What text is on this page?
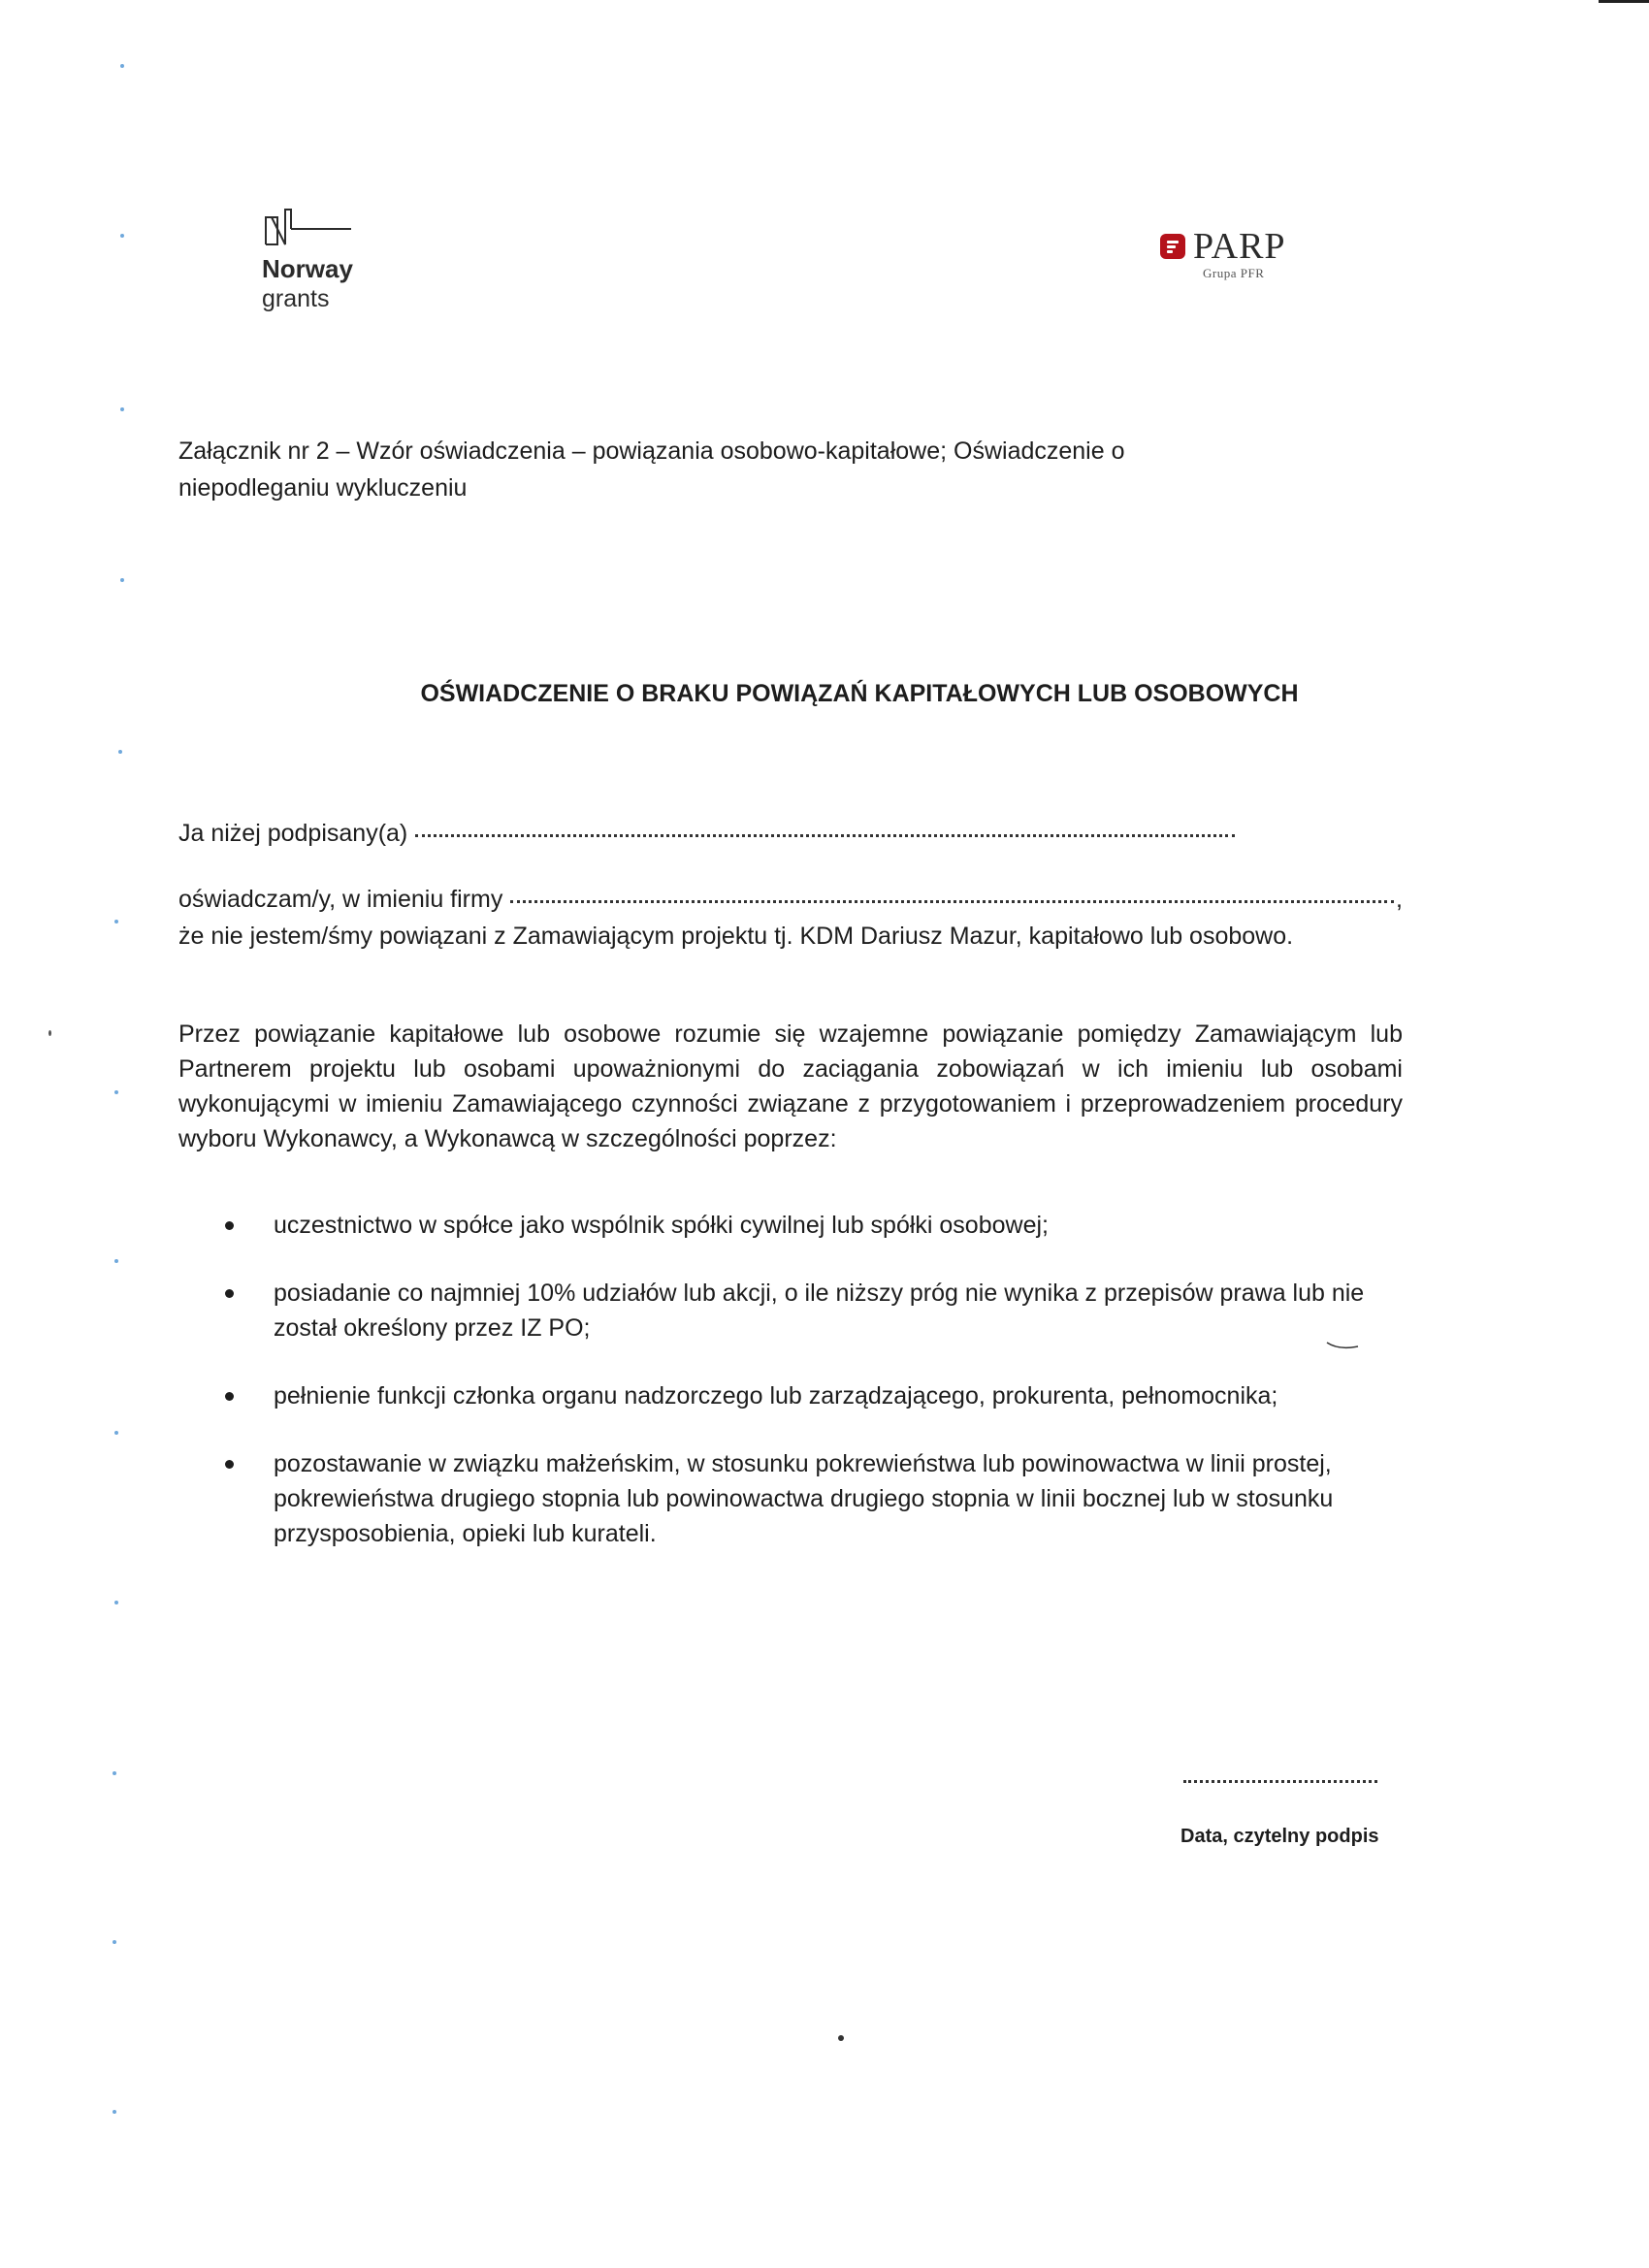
Norway
grants
PARP
Grupa PFR
Załącznik nr 2 – Wzór oświadczenia – powiązania osobowo-kapitałowe; Oświadczenie o niepodleganiu wykluczeniu
OŚWIADCZENIE O BRAKU POWIĄZAŃ KAPITAŁOWYCH LUB OSOBOWYCH
Ja niżej podpisany(a)
oświadczam/y, w imieniu firmy	,
że nie jestem/śmy powiązani z Zamawiającym projektu tj. KDM Dariusz Mazur, kapitałowo lub osobowo.
Przez powiązanie kapitałowe lub osobowe rozumie się wzajemne powiązanie pomiędzy Zamawiającym lub Partnerem projektu lub osobami upoważnionymi do zaciągania zobowiązań w ich imieniu lub osobami wykonującymi w imieniu Zamawiającego czynności związane z przygotowaniem i przeprowadzeniem procedury wyboru Wykonawcy, a Wykonawcą w szczególności poprzez:
uczestnictwo w spółce jako wspólnik spółki cywilnej lub spółki osobowej;
posiadanie co najmniej 10% udziałów lub akcji, o ile niższy próg nie wynika z przepisów prawa lub nie został określony przez IZ PO;
pełnienie funkcji członka organu nadzorczego lub zarządzającego, prokurenta, pełnomocnika;
pozostawanie w związku małżeńskim, w stosunku pokrewieństwa lub powinowactwa w linii prostej, pokrewieństwa drugiego stopnia lub powinowactwa drugiego stopnia w linii bocznej lub w stosunku przysposobienia, opieki lub kurateli.
Data, czytelny podpis
